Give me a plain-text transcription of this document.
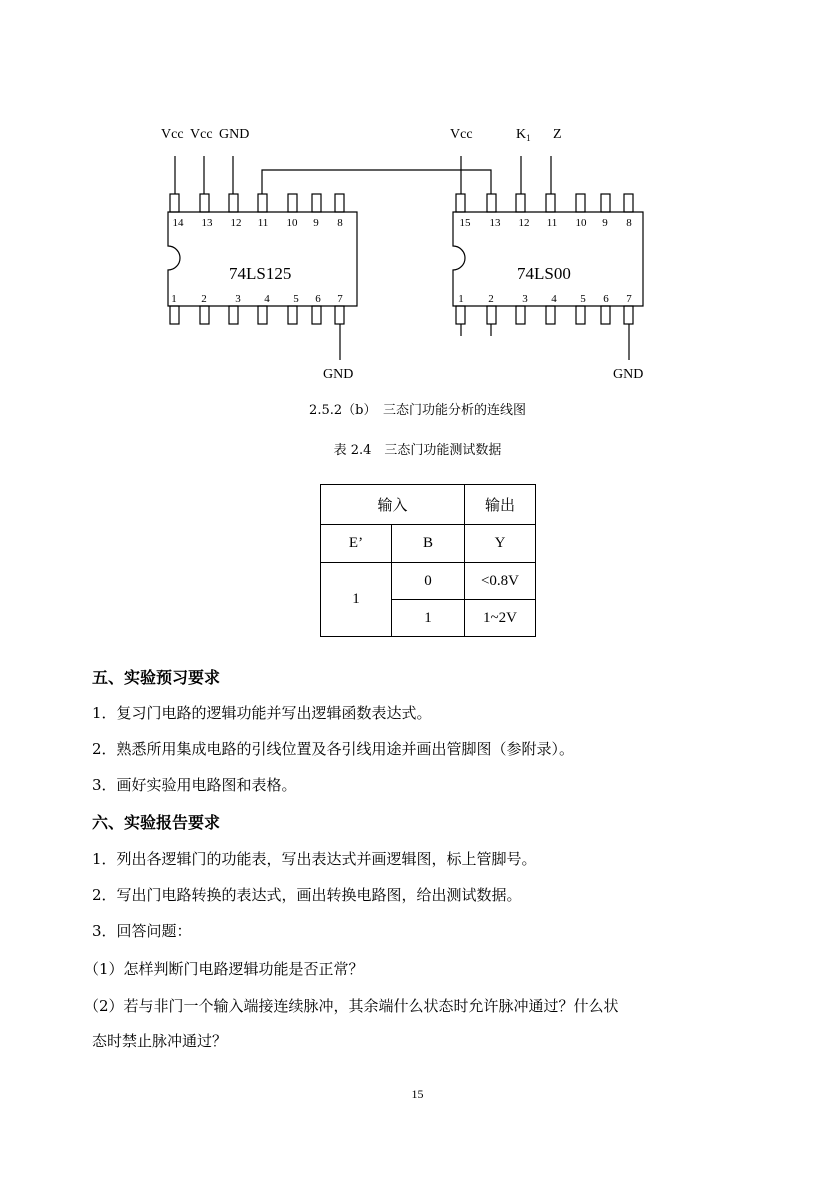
Vcc Vcc GND	Vcc	$K_1$ Z
14 13 12 11 10 9 8
1 2	3 4 5 6 7
15 13 12 11 10 9 8
1 2	3 4 5 6 7
74LS125	74LS00
GND	GND
2.5.2（b）　三态门功能分析的连线图
表 2.4　三态门功能测试数据
输入		输出
E’	B	Y
1	0	<0.8V
	1	1~2V
五、实验预习要求
1．复习门电路的逻辑功能并写出逻辑函数表达式。
2．熟悉所用集成电路的引线位置及各引线用途并画出管脚图（参附录）。
3．画好实验用电路图和表格。
六、实验报告要求
1．列出各逻辑门的功能表，写出表达式并画逻辑图，标上管脚号。
2．写出门电路转换的表达式，画出转换电路图，给出测试数据。
3．回答问题：
（1）怎样判断门电路逻辑功能是否正常？
（2）若与非门一个输入端接连续脉冲，其余端什么状态时允许脉冲通过？什么状
态时禁止脉冲通过？
15
